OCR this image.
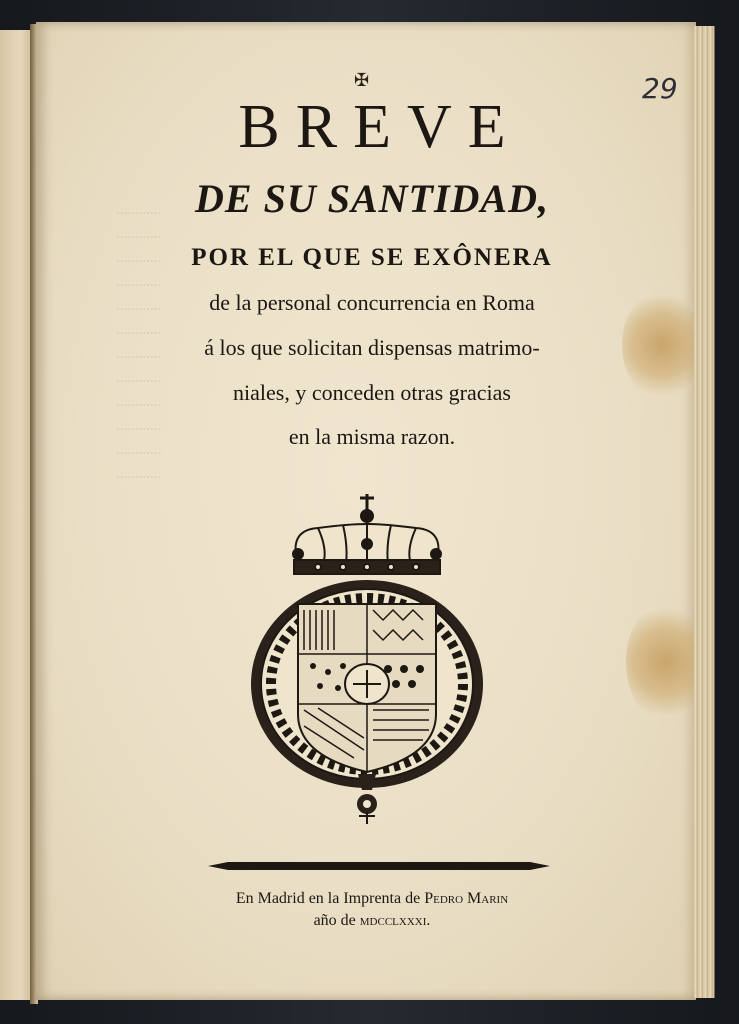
············
············
············
············
············
············
············
············
············
············
············
············
✠	29
BREVE
DE SU SANTIDAD,
POR EL QUE SE EXÔNERA
de la personal concurrencia en Roma
á los que solicitan dispensas matrimo-
niales, y conceden otras gracias
en la misma razon.
En Madrid en la Imprenta de Pedro Marin
año de mdcclxxxi.
